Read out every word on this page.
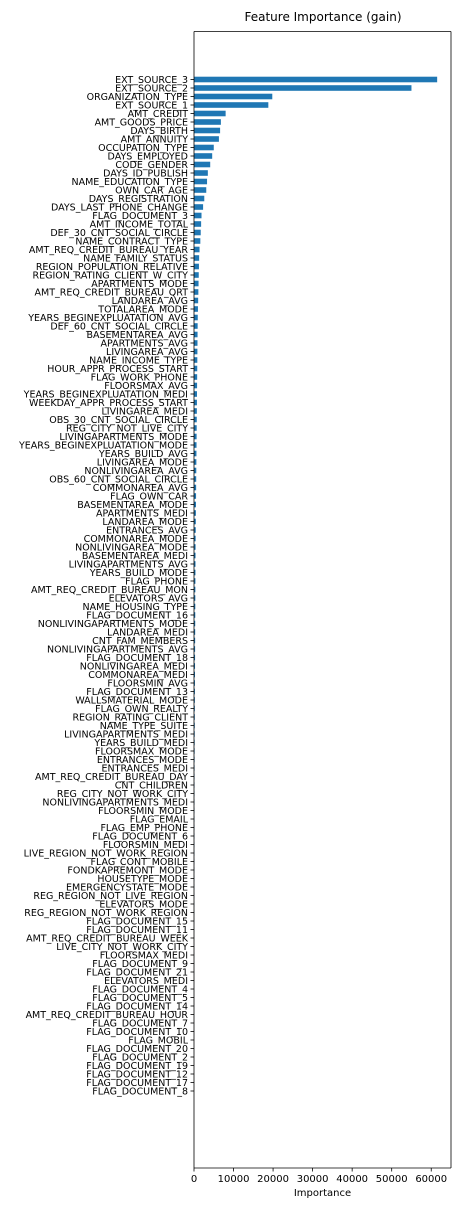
Feature Importance (gain)
EXT_SOURCE_3
EXT_SOURCE_2
ORGANIZATION_TYPE
EXT_SOURCE_1
AMT_CREDIT
AMT_GOODS_PRICE
DAYS_BIRTH
AMT_ANNUITY
OCCUPATION_TYPE
DAYS_EMPLOYED
CODE_GENDER
DAYS_ID_PUBLISH
NAME_EDUCATION_TYPE
OWN_CAR_AGE
DAYS_REGISTRATION
DAYS_LAST_PHONE_CHANGE
FLAG_DOCUMENT_3
AMT_INCOME_TOTAL
DEF_30_CNT_SOCIAL_CIRCLE
NAME_CONTRACT_TYPE
AMT_REQ_CREDIT_BUREAU_YEAR
NAME_FAMILY_STATUS
REGION_POPULATION_RELATIVE
REGION_RATING_CLIENT_W_CITY
APARTMENTS_MODE
AMT_REQ_CREDIT_BUREAU_QRT
LANDAREA_AVG
TOTALAREA_MODE
YEARS_BEGINEXPLUATATION_AVG
DEF_60_CNT_SOCIAL_CIRCLE
BASEMENTAREA_AVG
APARTMENTS_AVG
LIVINGAREA_AVG
NAME_INCOME_TYPE
HOUR_APPR_PROCESS_START
FLAG_WORK_PHONE
FLOORSMAX_AVG
YEARS_BEGINEXPLUATATION_MEDI
WEEKDAY_APPR_PROCESS_START
LIVINGAREA_MEDI
OBS_30_CNT_SOCIAL_CIRCLE
REG_CITY_NOT_LIVE_CITY
LIVINGAPARTMENTS_MODE
YEARS_BEGINEXPLUATATION_MODE
YEARS_BUILD_AVG
LIVINGAREA_MODE
NONLIVINGAREA_AVG
OBS_60_CNT_SOCIAL_CIRCLE
COMMONAREA_AVG
FLAG_OWN_CAR
BASEMENTAREA_MODE
APARTMENTS_MEDI
LANDAREA_MODE
ENTRANCES_AVG
COMMONAREA_MODE
NONLIVINGAREA_MODE
BASEMENTAREA_MEDI
LIVINGAPARTMENTS_AVG
YEARS_BUILD_MODE
FLAG_PHONE
AMT_REQ_CREDIT_BUREAU_MON
ELEVATORS_AVG
NAME_HOUSING_TYPE
FLAG_DOCUMENT_16
NONLIVINGAPARTMENTS_MODE
LANDAREA_MEDI
CNT_FAM_MEMBERS
NONLIVINGAPARTMENTS_AVG
FLAG_DOCUMENT_18
NONLIVINGAREA_MEDI
COMMONAREA_MEDI
FLOORSMIN_AVG
FLAG_DOCUMENT_13
WALLSMATERIAL_MODE
FLAG_OWN_REALTY
REGION_RATING_CLIENT
NAME_TYPE_SUITE
LIVINGAPARTMENTS_MEDI
YEARS_BUILD_MEDI
FLOORSMAX_MODE
ENTRANCES_MODE
ENTRANCES_MEDI
AMT_REQ_CREDIT_BUREAU_DAY
CNT_CHILDREN
REG_CITY_NOT_WORK_CITY
NONLIVINGAPARTMENTS_MEDI
FLOORSMIN_MODE
FLAG_EMAIL
FLAG_EMP_PHONE
FLAG_DOCUMENT_6
FLOORSMIN_MEDI
LIVE_REGION_NOT_WORK_REGION
FLAG_CONT_MOBILE
FONDKAPREMONT_MODE
HOUSETYPE_MODE
EMERGENCYSTATE_MODE
REG_REGION_NOT_LIVE_REGION
ELEVATORS_MODE
REG_REGION_NOT_WORK_REGION
FLAG_DOCUMENT_15
FLAG_DOCUMENT_11
AMT_REQ_CREDIT_BUREAU_WEEK
LIVE_CITY_NOT_WORK_CITY
FLOORSMAX_MEDI
FLAG_DOCUMENT_9
FLAG_DOCUMENT_21
ELEVATORS_MEDI
FLAG_DOCUMENT_4
FLAG_DOCUMENT_5
FLAG_DOCUMENT_14
AMT_REQ_CREDIT_BUREAU_HOUR
FLAG_DOCUMENT_7
FLAG_DOCUMENT_10
FLAG_MOBIL
FLAG_DOCUMENT_20
FLAG_DOCUMENT_2
FLAG_DOCUMENT_19
FLAG_DOCUMENT_12
FLAG_DOCUMENT_17
FLAG_DOCUMENT_8
0 10000 20000 30000 40000 50000 60000
Importance
